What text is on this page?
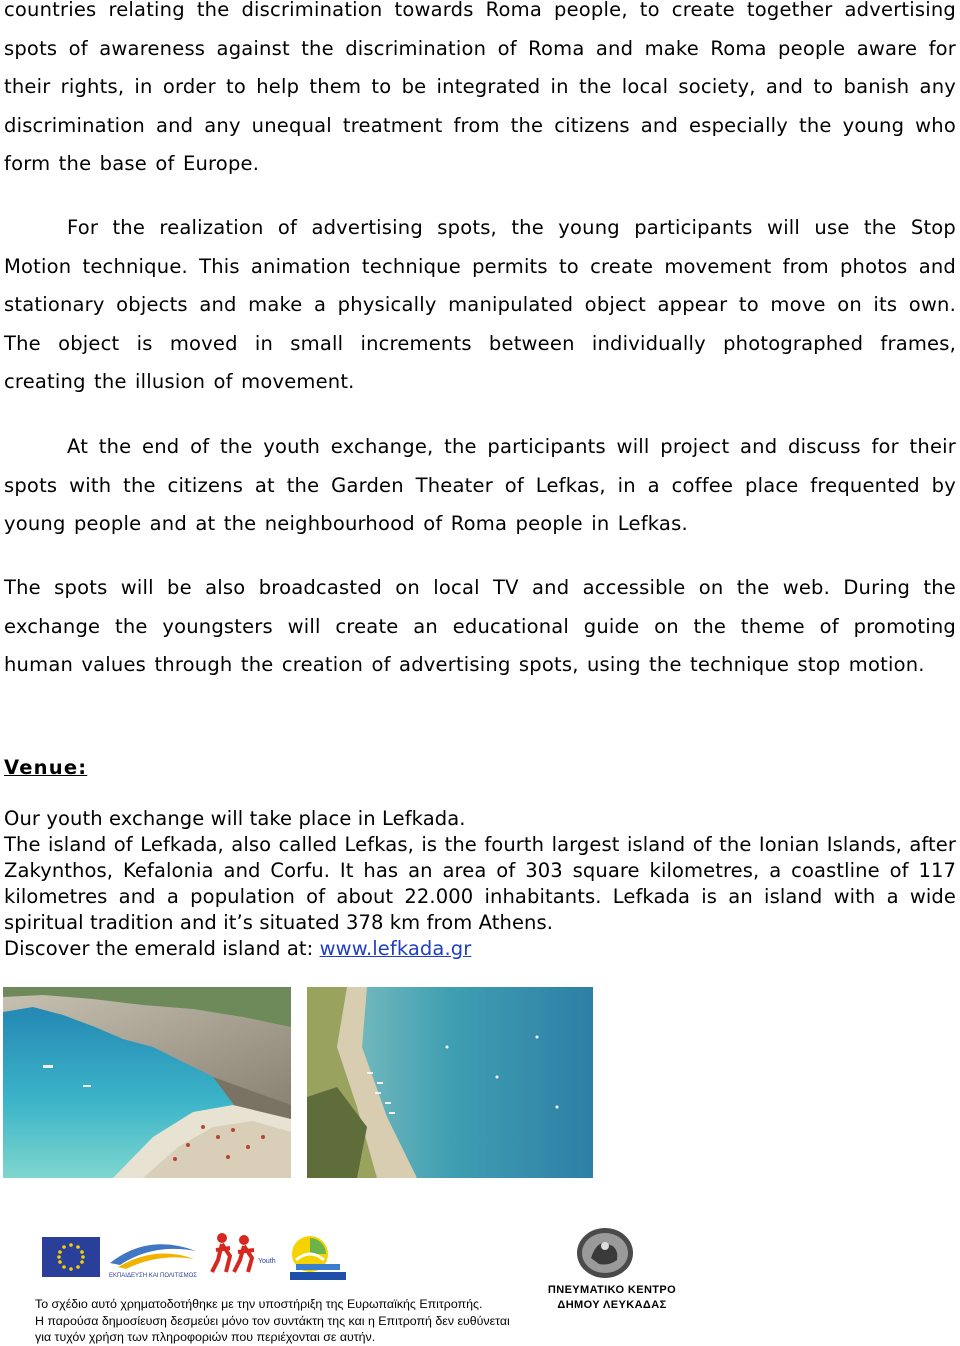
countries relating the discrimination towards Roma people, to create together advertising spots of awareness against the discrimination of Roma and make Roma people aware for their rights, in order to help them to be integrated in the local society, and to banish any discrimination and any unequal treatment from the citizens and especially the young who form the base of Europe.

For the realization of advertising spots, the young participants will use the Stop Motion technique. This animation technique permits to create movement from photos and stationary objects and make a physically manipulated object appear to move on its own. The object is moved in small increments between individually photographed frames, creating the illusion of movement.

At the end of the youth exchange, the participants will project and discuss for their spots with the citizens at the Garden Theater of Lefkas, in a coffee place frequented by young people and at the neighbourhood of Roma people in Lefkas.

The spots will be also broadcasted on local TV and accessible on the web. During the exchange the youngsters will create an educational guide on the theme of promoting human values through the creation of advertising spots, using the technique stop motion.

Venue:

Our youth exchange will take place in Lefkada.

The island of Lefkada, also called Lefkas, is the fourth largest island of the Ionian Islands, after Zakynthos, Kefalonia and Corfu. It has an area of 303 square kilometres, a coastline of 117 kilometres and a population of about 22.000 inhabitants. Lefkada is an island with a wide spiritual tradition and it’s situated 378 km from Athens.

Discover the emerald island at: www.lefkada.gr

ΕΚΠΑΙΔΕΥΣΗ ΚΑΙ ΠΟΛΙΤΙΣΜΟΣ
Youth
Το σχέδιο αυτό χρηματοδοτήθηκε με την υποστήριξη της Ευρωπαϊκής Επιτροπής.
Η παρούσα δημοσίευση δεσμεύει μόνο τον συντάκτη της και η Επιτροπή δεν ευθύνεται
για τυχόν χρήση των πληροφοριών που περιέχονται σε αυτήν.
ΠΝΕΥΜΑΤΙΚΟ ΚΕΝΤΡΟ
ΔΗΜΟΥ ΛΕΥΚΑΔΑΣ
